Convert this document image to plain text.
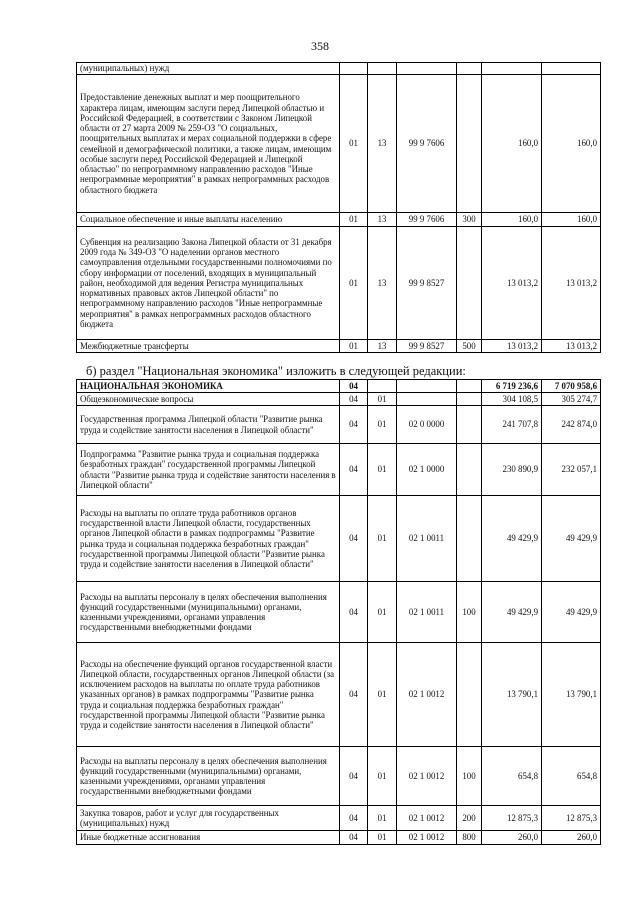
358
(муниципальных) нужд						
Предоставление денежных выплат и мер поощрительного характера лицам, имеющим заслуги перед Липецкой областью и Российской Федерацией, в соответствии с Законом Липецкой области от 27 марта 2009 № 259-ОЗ "О социальных, поощрительных выплатах и мерах социальной поддержки в сфере семейной и демографической политики, а также лицам, имеющим особые заслуги перед Российской Федерацией и Липецкой областью" по непрограммному направлению расходов "Иные непрограммные мероприятия" в рамках непрограммных расходов областного бюджета	01	13	99 9 7606		160,0	160,0
Социальное обеспечение и иные выплаты населению	01	13	99 9 7606	300	160,0	160,0
Субвенция на реализацию Закона Липецкой области от 31 декабря 2009 года № 349-ОЗ "О наделении органов местного самоуправления отдельными государственными полномочиями по сбору информации от поселений, входящих в муниципальный район, необходимой для ведения Регистра муниципальных нормативных правовых актов Липецкой области" по непрограммному направлению расходов "Иные непрограммные мероприятия" в рамках непрограммных расходов областного бюджета	01	13	99 9 8527		13 013,2	13 013,2
Межбюджетные трансферты	01	13	99 9 8527	500	13 013,2	13 013,2
б) раздел "Национальная экономика" изложить в следующей редакции:
НАЦИОНАЛЬНАЯ ЭКОНОМИКА	04				6 719 236,6	7 070 958,6
Общеэкономические вопросы	04	01			304 108,5	305 274,7
Государственная программа Липецкой области "Развитие рынка труда и содействие занятости населения в Липецкой области"	04	01	02 0 0000		241 707,8	242 874,0
Подпрограмма "Развитие рынка труда и социальная поддержка безработных граждан" государственной программы Липецкой области "Развитие рынка труда и содействие занятости населения в Липецкой области"	04	01	02 1 0000		230 890,9	232 057,1
Расходы на выплаты по оплате труда работников органов государственной власти Липецкой области, государственных органов Липецкой области в рамках подпрограммы "Развитие рынка труда и социальная поддержка безработных граждан" государственной программы Липецкой области "Развитие рынка труда и содействие занятости населения в Липецкой области"	04	01	02 1 0011		49 429,9	49 429,9
Расходы на выплаты персоналу в целях обеспечения выполнения функций государственными (муниципальными) органами, казенными учреждениями, органами управления государственными внебюджетными фондами	04	01	02 1 0011	100	49 429,9	49 429,9
Расходы на обеспечение функций органов государственной власти Липецкой области, государственных органов Липецкой области (за исключением расходов на выплаты по оплате труда работников указанных органов) в рамках подпрограммы "Развитие рынка труда и социальная поддержка безработных граждан" государственной программы Липецкой области "Развитие рынка труда и содействие занятости населения в Липецкой области"	04	01	02 1 0012		13 790,1	13 790,1
Расходы на выплаты персоналу в целях обеспечения выполнения функций государственными (муниципальными) органами, казенными учреждениями, органами управления государственными внебюджетными фондами	04	01	02 1 0012	100	654,8	654,8
Закупка товаров, работ и услуг для государственных (муниципальных) нужд	04	01	02 1 0012	200	12 875,3	12 875,3
Иные бюджетные ассигнования	04	01	02 1 0012	800	260,0	260,0
